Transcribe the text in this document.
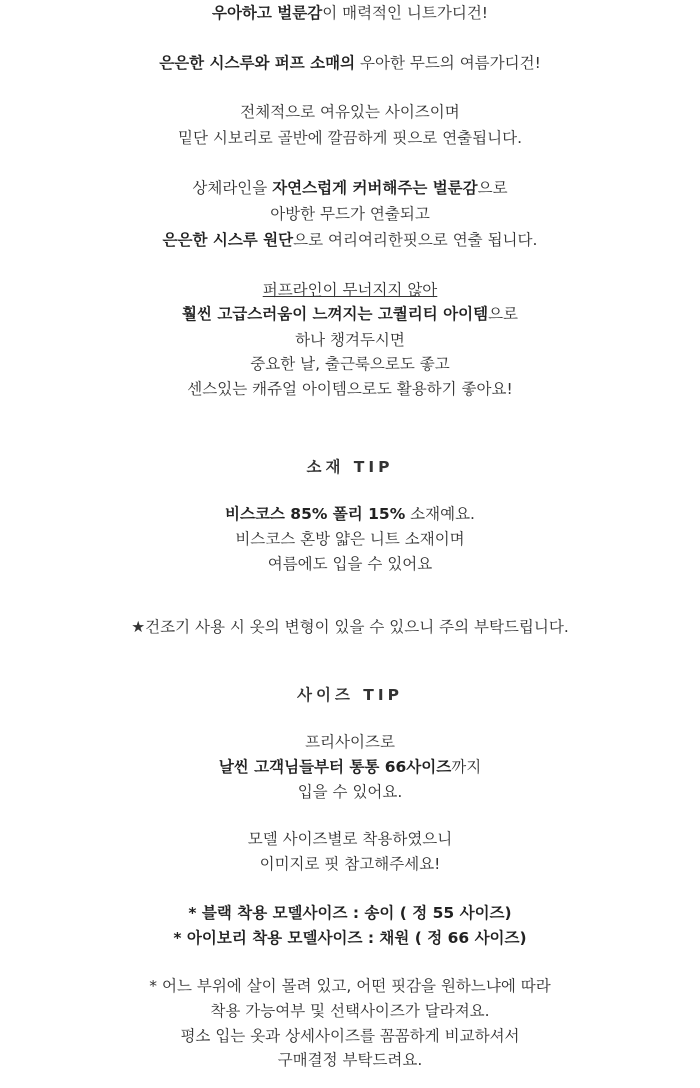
우아하고 벌룬감이 매력적인 니트가디건!
은은한 시스루와 퍼프 소매의 우아한 무드의 여름가디건!
전체적으로 여유있는 사이즈이며
밑단 시보리로 골반에 깔끔하게 핏으로 연출됩니다.
상체라인을 자연스럽게 커버해주는 벌룬감으로
아방한 무드가 연출되고
은은한 시스루 원단으로 여리여리한핏으로 연출 됩니다.
퍼프라인이 무너지지 않아
훨씬 고급스러움이 느껴지는 고퀄리티 아이템으로
하나 챙겨두시면
중요한 날, 출근룩으로도 좋고
센스있는 캐쥬얼 아이템으로도 활용하기 좋아요!
소재 TIP
비스코스 85% 폴리 15% 소재예요.
비스코스 혼방 얇은 니트 소재이며
여름에도 입을 수 있어요
★건조기 사용 시 옷의 변형이 있을 수 있으니 주의 부탁드립니다.
사이즈 TIP
프리사이즈로
날씬 고객님들부터 통통 66사이즈까지
입을 수 있어요.
모델 사이즈별로 착용하였으니
이미지로 핏 참고해주세요!
* 블랙 착용 모델사이즈 : 송이 ( 정 55 사이즈)
* 아이보리 착용 모델사이즈 : 채원 ( 정 66 사이즈)
* 어느 부위에 살이 몰려 있고, 어떤 핏감을 원하느냐에 따라
착용 가능여부 및 선택사이즈가 달라져요.
평소 입는 옷과 상세사이즈를 꼼꼼하게 비교하셔서
구매결정 부탁드려요.
